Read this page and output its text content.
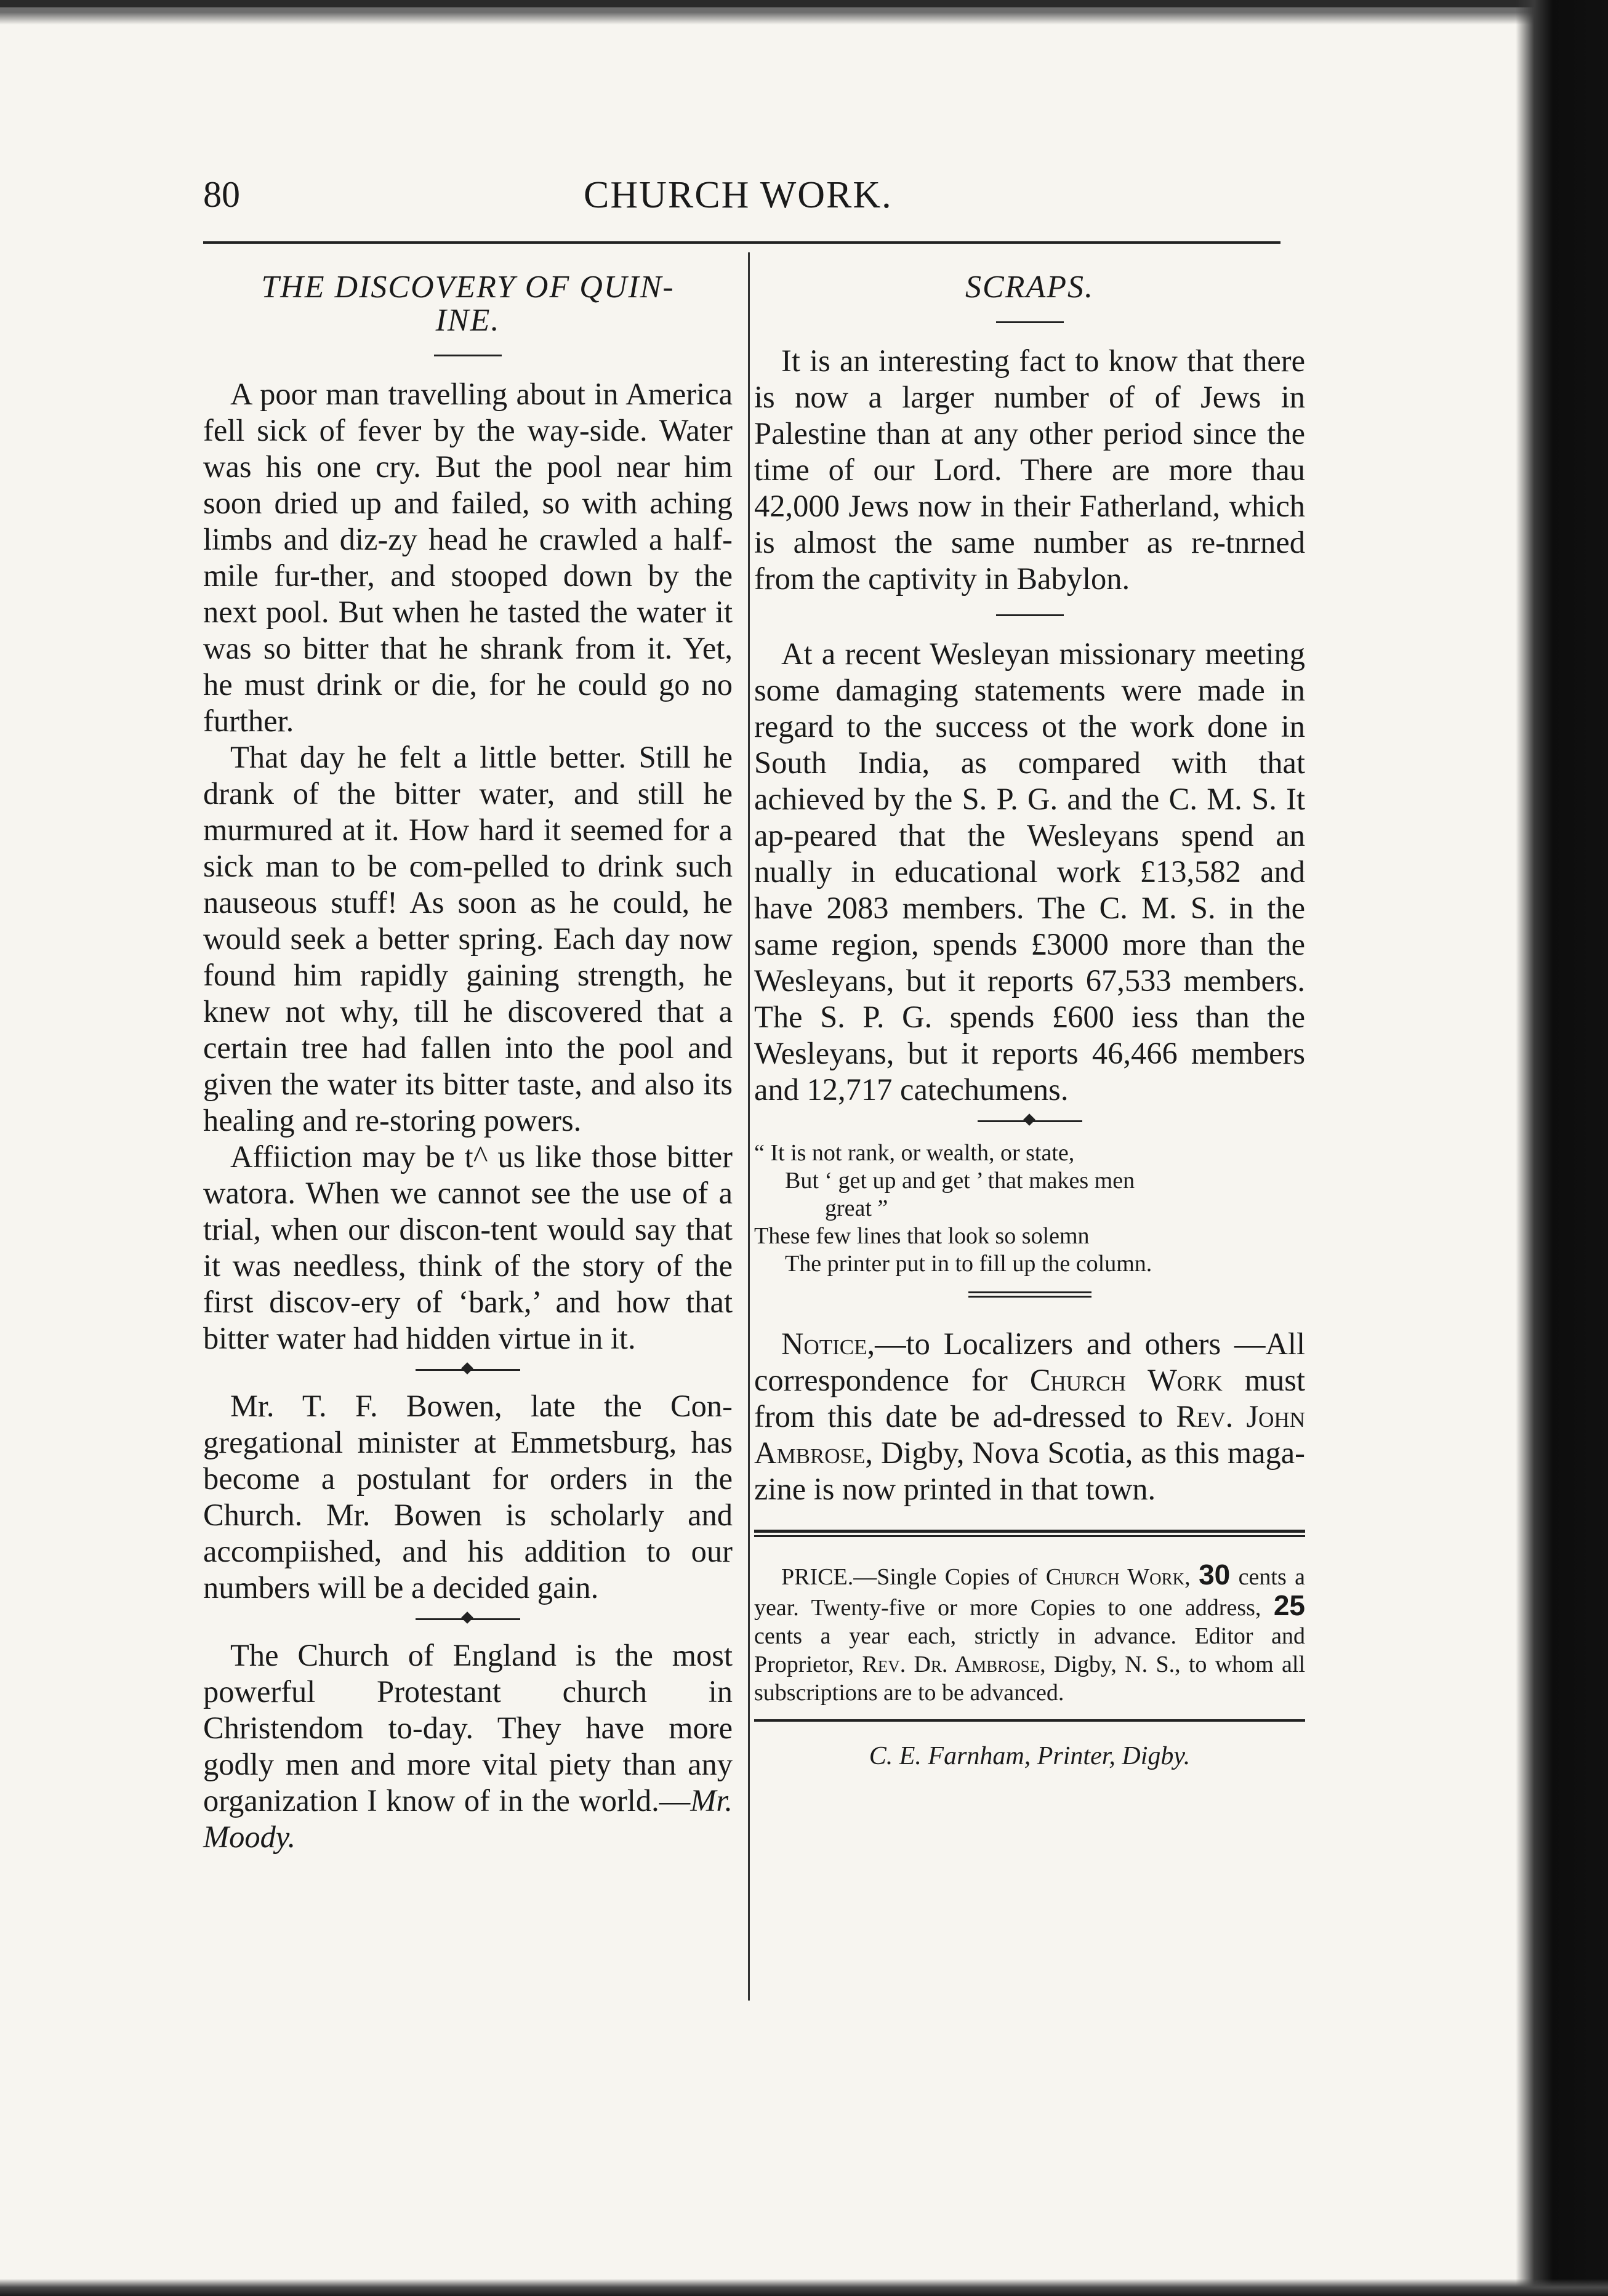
80	CHURCH WORK.

THE DISCOVERY OF QUIN-
INE.

A poor man travelling about in America fell sick of fever by the way-side. Water was his one cry. But the pool near him soon dried up and failed, so with aching limbs and diz-zy head he crawled a half-mile fur-ther, and stooped down by the next pool. But when he tasted the water it was so bitter that he shrank from it. Yet, he must drink or die, for he could go no further.

That day he felt a little better. Still he drank of the bitter water, and still he murmured at it. How hard it seemed for a sick man to be com-pelled to drink such nauseous stuff! As soon as he could, he would seek a better spring. Each day now found him rapidly gaining strength, he knew not why, till he discovered that a certain tree had fallen into the pool and given the water its bitter taste, and also its healing and re-storing powers.

Affiiction may be t^ us like those bitter watora. When we cannot see the use of a trial, when our discon-tent would say that it was needless, think of the story of the first discov-ery of ‘bark,’ and how that bitter water had hidden virtue in it.

Mr. T. F. Bowen, late the Con-gregational minister at Emmetsburg, has become a postulant for orders in the Church. Mr. Bowen is scholarly and accompiished, and his addition to our numbers will be a decided gain.

The Church of England is the most powerful Protestant church in Christendom to-day. They have more godly men and more vital piety than any organization I know of in the world.—Mr. Moody.

SCRAPS.

It is an interesting fact to know that there is now a larger number of of Jews in Palestine than at any other period since the time of our Lord. There are more thau 42,000 Jews now in their Fatherland, which is almost the same number as re-tnrned from the captivity in Babylon.

At a recent Wesleyan missionary meeting some damaging statements were made in regard to the success ot the work done in South India, as compared with that achieved by the S. P. G. and the C. M. S. It ap-peared that the Wesleyans spend an nually in educational work £13,582 and have 2083 members. The C. M. S. in the same region, spends £3000 more than the Wesleyans, but it reports 67,533 members. The S. P. G. spends £600 iess than the Wesleyans, but it reports 46,466 members and 12,717 catechumens.

“ It is not rank, or wealth, or state,
But ‘ get up and get ’ that makes men
great ”
These few lines that look so solemn
The printer put in to fill up the column.

Notice,—to Localizers and others —All correspondence for Church Work must from this date be ad-dressed to Rev. John Ambrose, Digby, Nova Scotia, as this maga-zine is now printed in that town.

PRICE.—Single Copies of Church Work, 30 cents a year. Twenty-five or more Copies to one address, 25 cents a year each, strictly in advance. Editor and Proprietor, Rev. Dr. Ambrose, Digby, N. S., to whom all subscriptions are to be advanced.

C. E. Farnham, Printer, Digby.
